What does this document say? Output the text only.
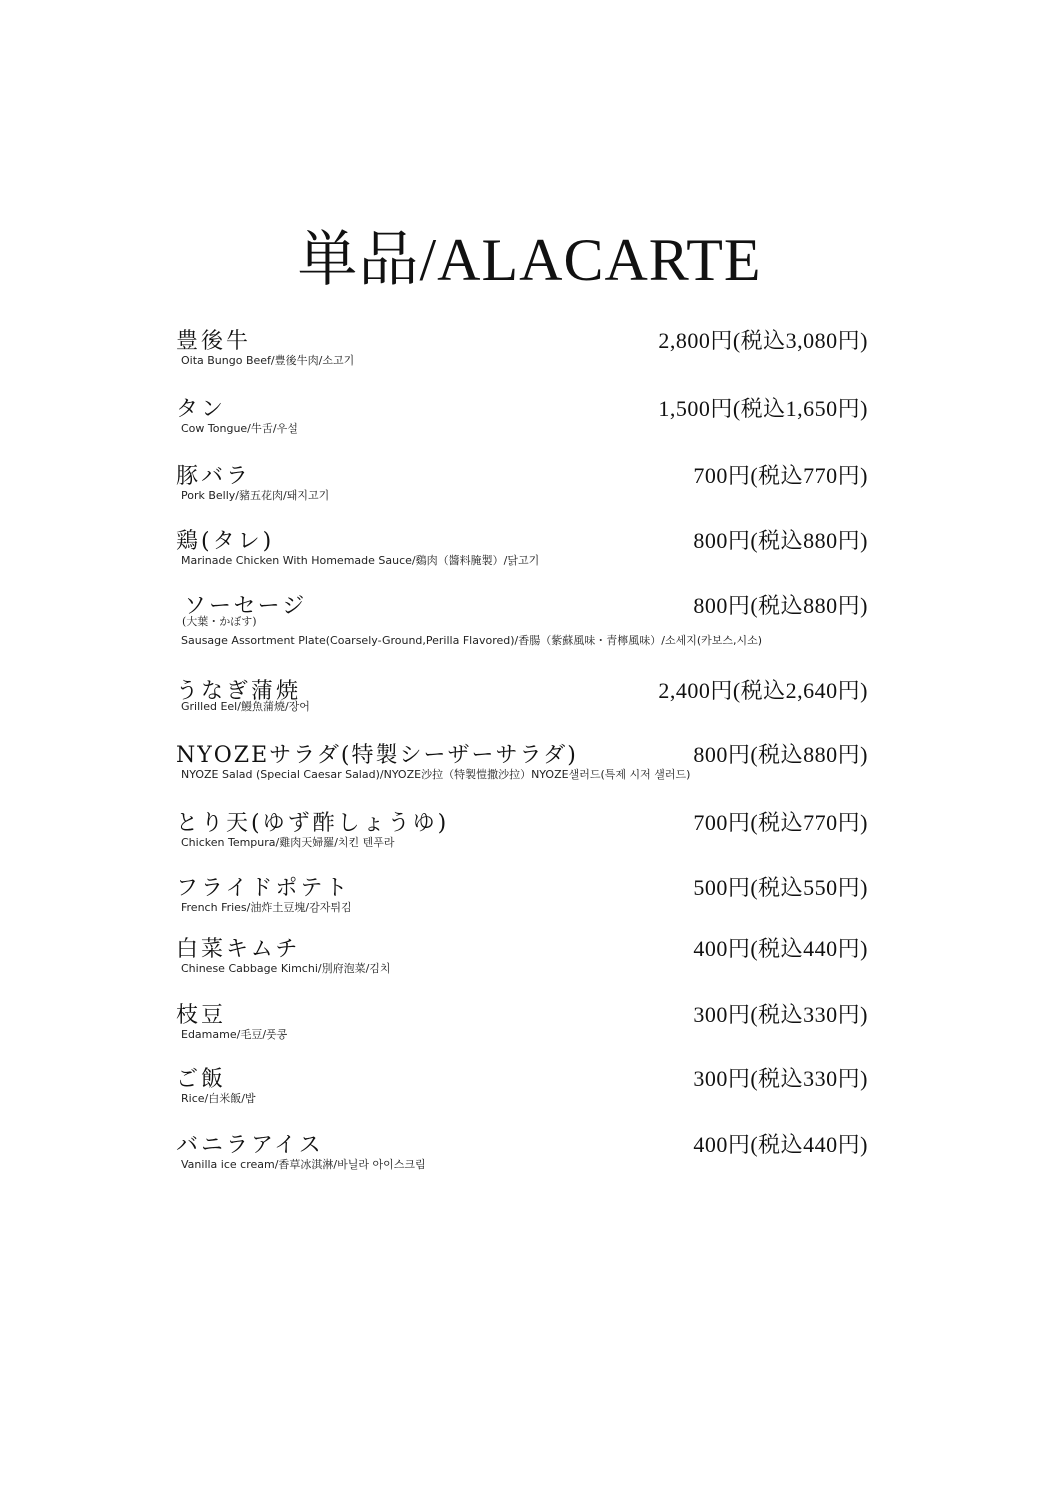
単品/ALACARTE
豊後牛	2,800円(税込3,080円)
Oita Bungo Beef/豊後牛肉/소고기
タン	1,500円(税込1,650円)
Cow Tongue/牛舌/우설
豚バラ	700円(税込770円)
Pork Belly/豬五花肉/돼지고기
鶏(タレ)	800円(税込880円)
Marinade Chicken With Homemade Sauce/鷄肉（醬料腌製）/닭고기
ソーセージ	800円(税込880円)
(大葉・かぼす)
Sausage Assortment Plate(Coarsely-Ground,Perilla Flavored)/香腸（紫蘇風味・青檸風味）/소세지(카보스,시소)
うなぎ蒲焼	2,400円(税込2,640円)
Grilled Eel/鰻魚蒲燒/장어
NYOZEサラダ(特製シーザーサラダ)	800円(税込880円)
NYOZE Salad (Special Caesar Salad)/NYOZE沙拉（特製愷撒沙拉）NYOZE샐러드(특제 시저 샐러드)
とり天(ゆず酢しょうゆ)	700円(税込770円)
Chicken Tempura/雞肉天婦羅/치킨 텐푸라
フライドポテト	500円(税込550円)
French Fries/油炸土豆塊/감자튀김
白菜キムチ	400円(税込440円)
Chinese Cabbage Kimchi/別府泡菜/김치
枝豆	300円(税込330円)
Edamame/毛豆/풋콩
ご飯	300円(税込330円)
Rice/白米飯/밥
バニラアイス	400円(税込440円)
Vanilla ice cream/香草冰淇淋/바닐라 아이스크림
